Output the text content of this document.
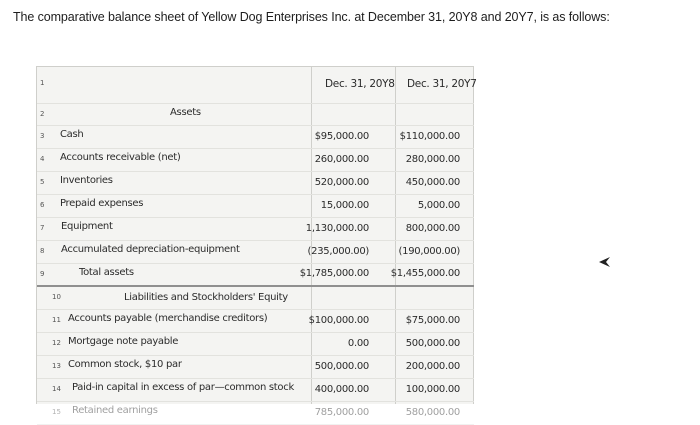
The comparative balance sheet of Yellow Dog Enterprises Inc. at December 31, 20Y8 and 20Y7, is as follows:
1	Dec. 31, 20Y8 Dec. 31, 20Y7
2	Assets
3 Cash	$95,000.00	$110,000.00
4 Accounts receivable (net)	260,000.00	280,000.00
5 Inventories	520,000.00	450,000.00
6 Prepaid expenses	15,000.00	5,000.00
7 Equipment	1,130,000.00	800,000.00
8 Accumulated depreciation-equipment	(235,000.00)	(190,000.00)
9	Total assets	$1,785,000.00 $1,455,000.00
10	Liabilities and Stockholders' Equity
11 Accounts payable (merchandise creditors)	$100,000.00	$75,000.00
12 Mortgage note payable	0.00	500,000.00
13 Common stock, $10 par	500,000.00	200,000.00
14 Paid-in capital in excess of par—common stock 400,000.00	100,000.00
15 Retained earnings	785,000.00	580,000.00
